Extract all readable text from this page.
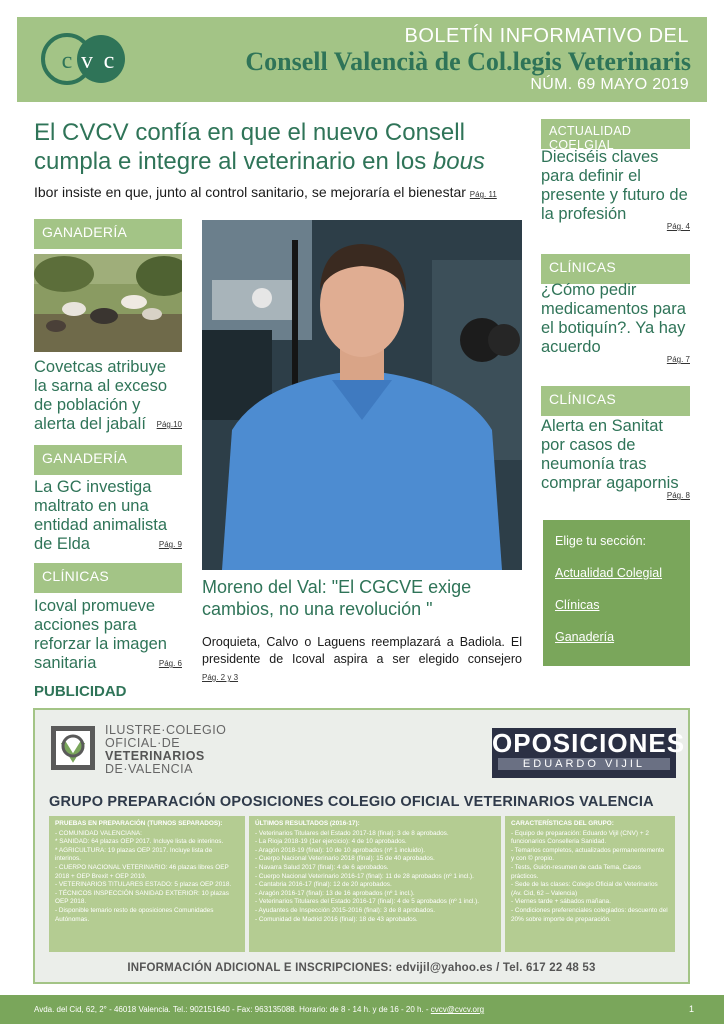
c v c
BOLETÍN INFORMATIVO DEL
Consell Valencià de Col.legis Veterinaris
NÚM. 69 MAYO 2019
El CVCV confía en que el nuevo Consell cumpla e integre al veterinario en los bous
Ibor insiste en que, junto al control sanitario, se mejoraría el bienestar Pág. 11
GANADERÍA
Covetcas atribuye la sarna al exceso de población y alerta del jabalí Pág.10
GANADERÍA
La GC investiga maltrato en una entidad animalista de Elda	Pág. 9
CLÍNICAS
Icoval promueve acciones para reforzar la imagen sanitaria	Pág. 6
Moreno del Val: "El CGCVE exige cambios, no una revolución "
Oroquieta, Calvo o Laguens reemplazará a Badiola. El presidente de Icoval aspira a ser elegido consejero Pág. 2 y 3
ACTUALIDAD COELGIAL
Dieciséis claves para definir el presente y futuro de la profesión
Pág. 4
CLÍNICAS
¿Cómo pedir medicamentos para el botiquín?. Ya hay acuerdo
Pág. 7
CLÍNICAS
Alerta en Sanitat por casos de neumonía tras comprar agapornis
Pág. 8
Elige tu sección:
Actualidad Colegial
Clínicas
Ganadería
PUBLICIDAD
ILUSTRE·COLEGIO
OFICIAL·DE
VETERINARIOS
DE·VALENCIA
OPOSICIONES
EDUARDO VIJIL
GRUPO PREPARACIÓN OPOSICIONES COLEGIO OFICIAL VETERINARIOS VALENCIA
PRUEBAS EN PREPARACIÓN (TURNOS SEPARADOS):
- COMUNIDAD VALENCIANA:
* SANIDAD: 64 plazas OEP 2017. Incluye lista de interinos.
* AGRICULTURA: 19 plazas OEP 2017. Incluye lista de interinos.
- CUERPO NACIONAL VETERINARIO: 46 plazas libres OEP 2018 + OEP Brexit + OEP 2019.
- VETERINARIOS TITULARES ESTADO: 5 plazas OEP 2018.
- TÉCNICOS INSPECCIÓN SANIDAD EXTERIOR: 10 plazas OEP 2018.
- Disponible temario resto de oposiciones Comunidades Autónomas.
ÚLTIMOS RESULTADOS (2016-17):
- Veterinarios Titulares del Estado 2017-18 (final): 3 de 8 aprobados.
- La Rioja 2018-19 (1er ejercicio): 4 de 10 aprobados.
- Aragón 2018-19 (final): 10 de 10 aprobados (nº 1 incluido).
- Cuerpo Nacional Veterinario 2018 (final): 15 de 40 aprobados.
- Navarra Salud 2017 (final): 4 de 6 aprobados.
- Cuerpo Nacional Veterinario 2016-17 (final): 11 de 28 aprobados (nº 1 incl.).
- Cantabria 2016-17 (final): 12 de 20 aprobados.
- Aragón 2016-17 (final): 13 de 16 aprobados (nº 1 incl.).
- Veterinarios Titulares del Estado 2016-17 (final): 4 de 5 aprobados (nº 1 incl.).
- Ayudantes de Inspección 2015-2016 (final): 3 de 8 aprobados.
- Comunidad de Madrid 2016 (final): 18 de 43 aprobados.
CARACTERÍSTICAS DEL GRUPO:
- Equipo de preparación: Eduardo Vijil (CNV) + 2 funcionarios Conselleria Sanidad.
- Temarios completos, actualizados permanentemente y con © propio.
- Tests, Guión-resumen de cada Tema, Casos prácticos.
- Sede de las clases: Colegio Oficial de Veterinarios (Av. Cid, 62 – Valencia)
- Viernes tarde + sábados mañana.
- Condiciones preferenciales colegiados: descuento del 20% sobre importe de preparación.
INFORMACIÓN ADICIONAL E INSCRIPCIONES: edvijil@yahoo.es / Tel. 617 22 48 53
Avda. del Cid, 62, 2° - 46018 Valencia. Tel.: 902151640 - Fax: 963135088. Horario: de 8 - 14 h. y de 16 - 20 h. - cvcv@cvcv.org	1
